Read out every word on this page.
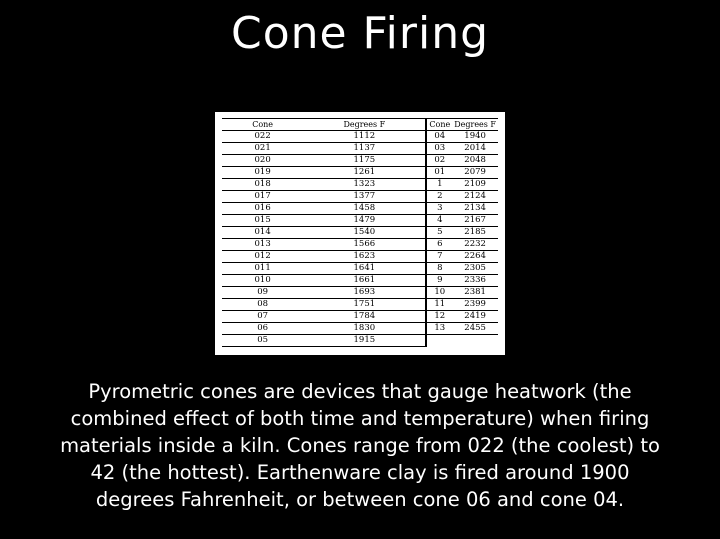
Cone Firing
Cone	Degrees F		Cone	Degrees F
022	1112		04	1940
021	1137		03	2014
020	1175		02	2048
019	1261		01	2079
018	1323		1	2109
017	1377		2	2124
016	1458		3	2134
015	1479		4	2167
014	1540		5	2185
013	1566		6	2232
012	1623		7	2264
011	1641		8	2305
010	1661		9	2336
09	1693		10	2381
08	1751		11	2399
07	1784		12	2419
06	1830		13	2455
05	1915			
Pyrometric cones are devices that gauge heatwork (the combined effect of both time and temperature) when firing materials inside a kiln. Cones range from 022 (the coolest) to 42 (the hottest). Earthenware clay is fired around 1900 degrees Fahrenheit, or between cone 06 and cone 04.
